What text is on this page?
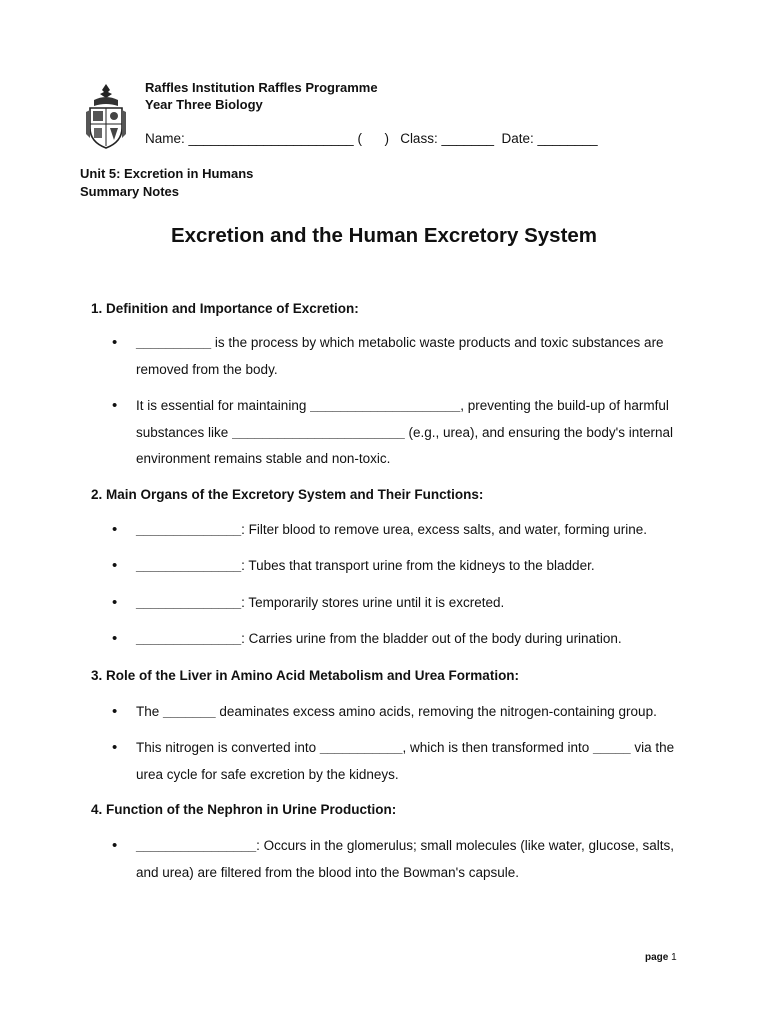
Raffles Institution Raffles Programme
Year Three Biology
Name: ______________________ (      )   Class: _______  Date: ________
Unit 5: Excretion in Humans
Summary Notes
Excretion and the Human Excretory System
1. Definition and Importance of Excretion:
• __________ is the process by which metabolic waste products and toxic substances are removed from the body.
• It is essential for maintaining ____________________, preventing the build-up of harmful substances like _______________________ (e.g., urea), and ensuring the body's internal environment remains stable and non-toxic.
2. Main Organs of the Excretory System and Their Functions:
• ______________: Filter blood to remove urea, excess salts, and water, forming urine.
• ______________: Tubes that transport urine from the kidneys to the bladder.
• ______________: Temporarily stores urine until it is excreted.
• ______________: Carries urine from the bladder out of the body during urination.
3. Role of the Liver in Amino Acid Metabolism and Urea Formation:
• The _______ deaminates excess amino acids, removing the nitrogen-containing group.
• This nitrogen is converted into ___________, which is then transformed into _____ via the urea cycle for safe excretion by the kidneys.
4. Function of the Nephron in Urine Production:
• ________________: Occurs in the glomerulus; small molecules (like water, glucose, salts, and urea) are filtered from the blood into the Bowman's capsule.
page 1
